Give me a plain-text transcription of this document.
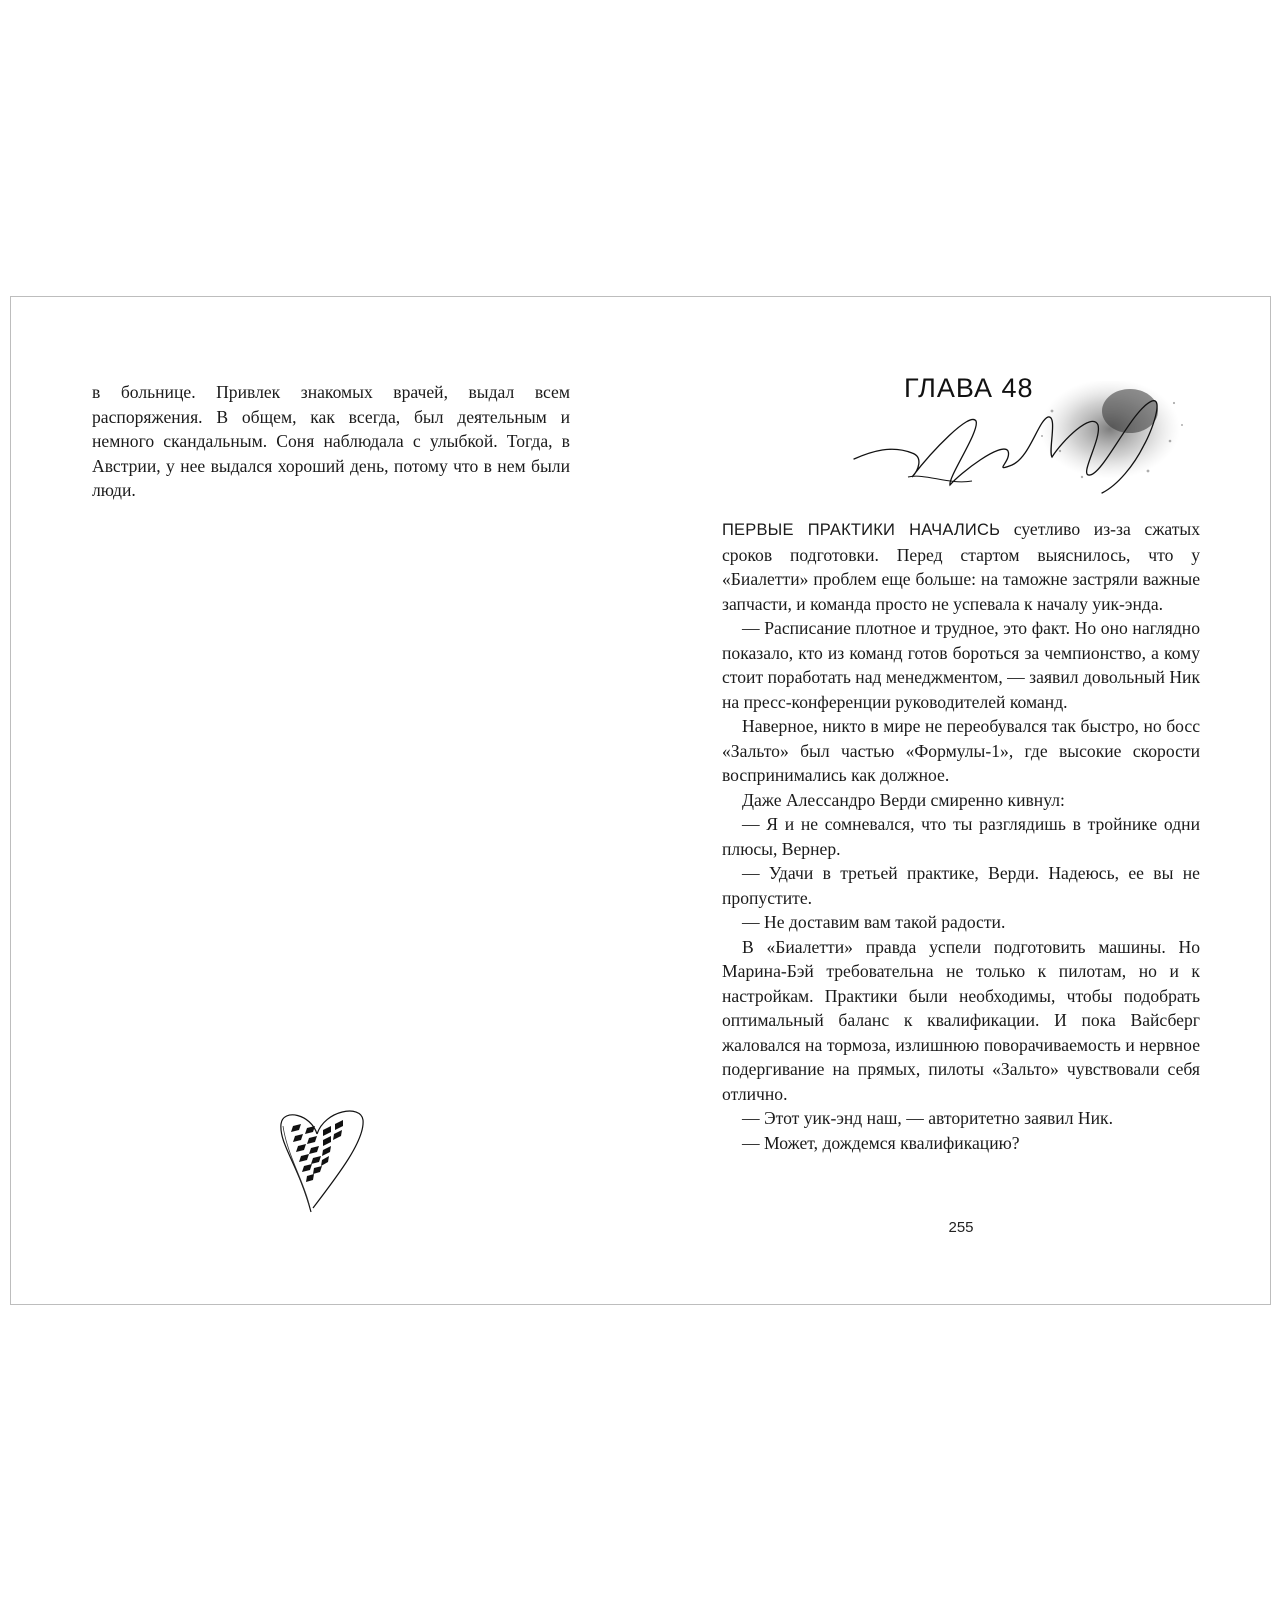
в больнице. Привлек знакомых врачей, выдал всем распоряжения. В общем, как всегда, был деятельным и немного скандальным. Соня наблюдала с улыбкой. Тогда, в Австрии, у нее выдался хороший день, потому что в нем были люди.

ГЛАВА 48

ПЕРВЫЕ ПРАКТИКИ НАЧАЛИСЬ суетливо из-за сжатых сроков подготовки. Перед стартом выяснилось, что у «Биалетти» проблем еще больше: на таможне застряли важные запчасти, и команда просто не успевала к началу уик-энда.

— Расписание плотное и трудное, это факт. Но оно наглядно показало, кто из команд готов бороться за чемпионство, а кому стоит поработать над менеджментом, — заявил довольный Ник на пресс-конференции руководителей команд.

Наверное, никто в мире не переобувался так быстро, но босс «Зальто» был частью «Формулы-1», где высокие скорости воспринимались как должное.

Даже Алессандро Верди смиренно кивнул:

— Я и не сомневался, что ты разглядишь в тройнике одни плюсы, Вернер.

— Удачи в третьей практике, Верди. Надеюсь, ее вы не пропустите.

— Не доставим вам такой радости.

В «Биалетти» правда успели подготовить машины. Но Марина-Бэй требовательна не только к пилотам, но и к настройкам. Практики были необходимы, чтобы подобрать оптимальный баланс к квалификации. И пока Вайсберг жаловался на тормоза, излишнюю поворачиваемость и нервное подергивание на прямых, пилоты «Зальто» чувствовали себя отлично.

— Этот уик-энд наш, — авторитетно заявил Ник.

— Может, дождемся квалификацию?

255
